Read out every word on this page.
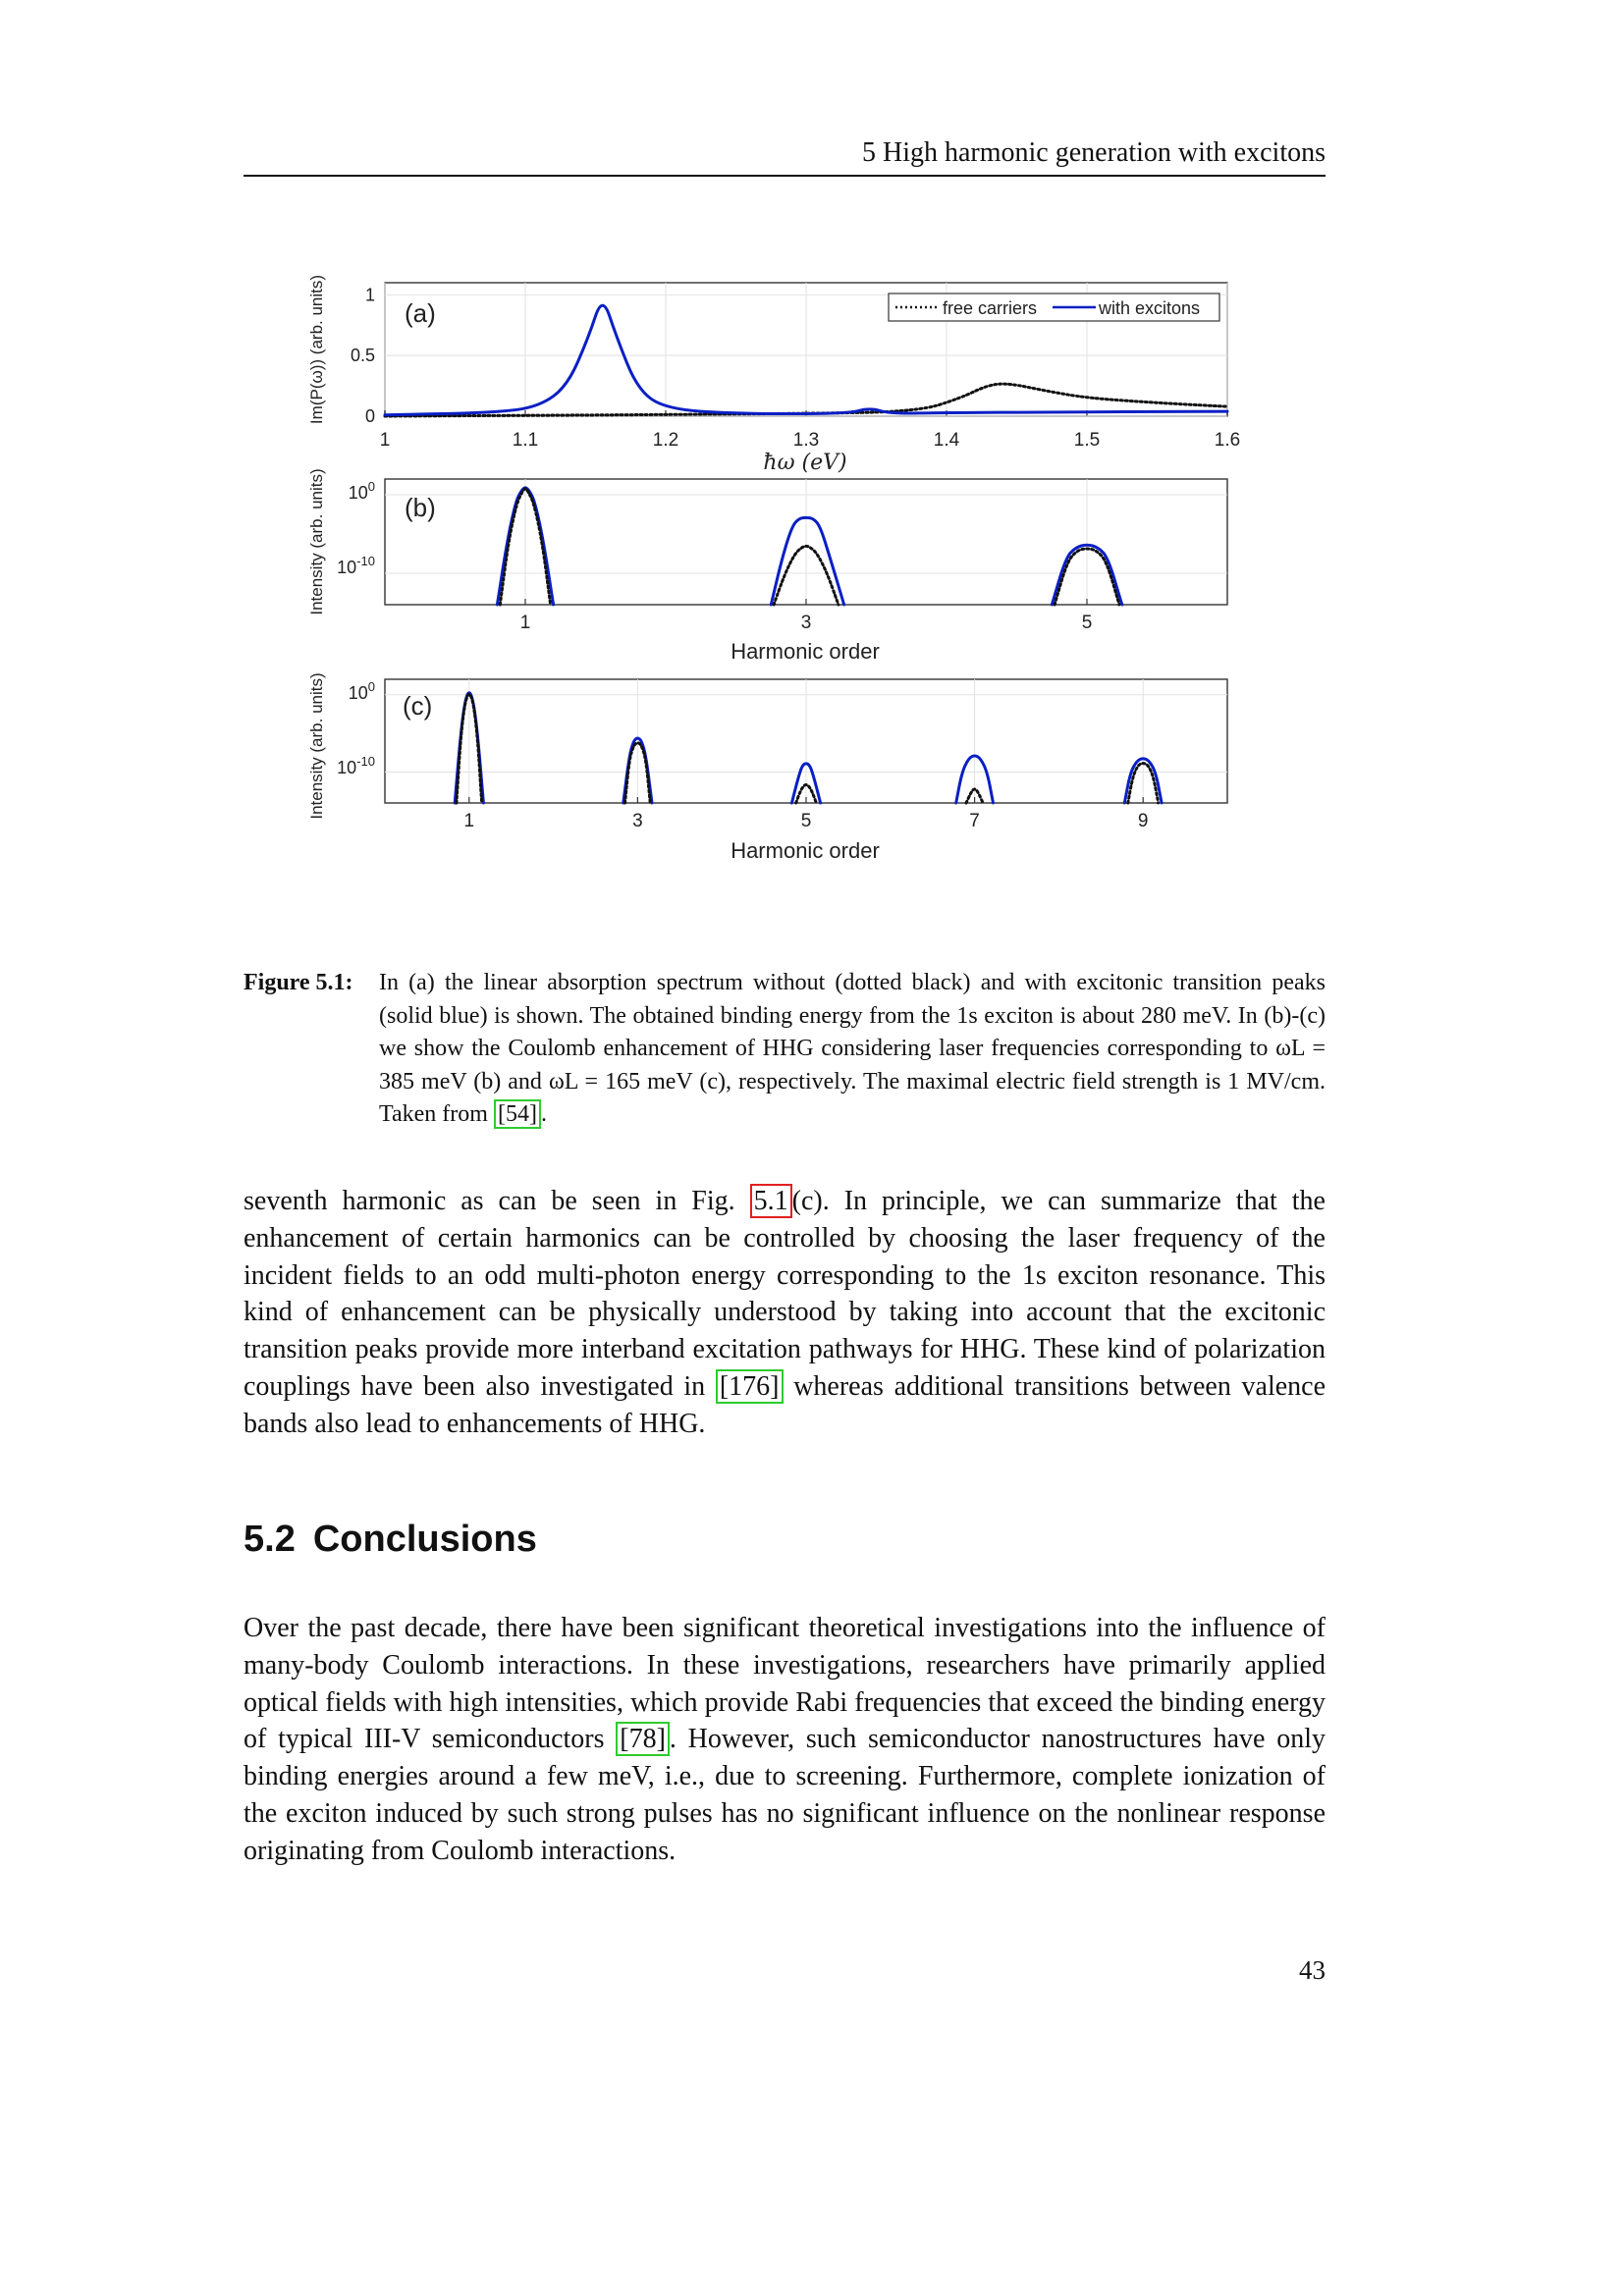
5 High harmonic generation with excitons
(a)
1	1.1	1.2	1.3	1.4	1.5	1.6
0
0.5
1
ħω (eV)
Im(P(ω)) (arb. units)	free carriers	with excitons
(b)
1	3	5
$10^0$
$10^{-10}$
Harmonic order
Intensity (arb. units)
(c)
1	3	5	7	9
$10^0$
$10^{-10}$
Harmonic order
Intensity (arb. units)
Figure 5.1: In (a) the linear absorption spectrum without (dotted black) and with excitonic transition peaks (solid blue) is shown. The obtained binding energy from the 1s exciton is about 280 meV. In (b)-(c) we show the Coulomb enhancement of HHG considering laser frequencies corresponding to ωL = 385 meV (b) and ωL = 165 meV (c), respectively. The maximal electric field strength is 1 MV/cm. Taken from [54] .

seventh harmonic as can be seen in Fig. 5.1 (c). In principle, we can summarize that the enhancement of certain harmonics can be controlled by choosing the laser frequency of the incident fields to an odd multi-photon energy corresponding to the 1s exciton resonance. This kind of enhancement can be physically understood by taking into account that the excitonic transition peaks provide more interband excitation pathways for HHG. These kind of polarization couplings have been also investigated in [176] whereas additional transitions between valence bands also lead to enhancements of HHG.

5.2 Conclusions

Over the past decade, there have been significant theoretical investigations into the influence of many-body Coulomb interactions. In these investigations, researchers have primarily applied optical fields with high intensities, which provide Rabi frequencies that exceed the binding energy of typical III-V semiconductors [78] . However, such semiconductor nanostructures have only binding energies around a few meV, i.e., due to screening. Furthermore, complete ionization of the exciton induced by such strong pulses has no significant influence on the nonlinear response originating from Coulomb interactions.

43
